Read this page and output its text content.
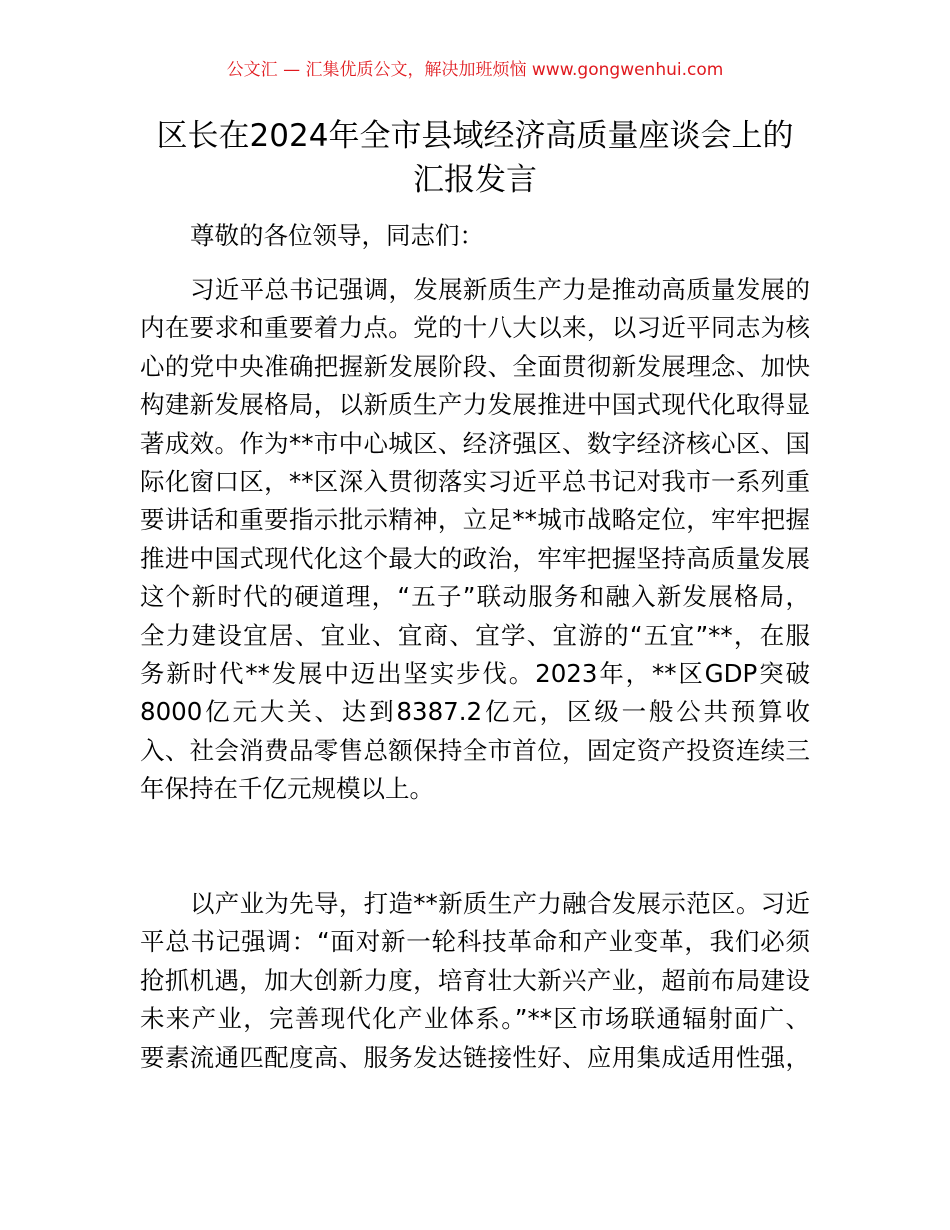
公文汇 — 汇集优质公文，解决加班烦恼 www.gongwenhui.com
区长在2024年全市县域经济高质量座谈会上的
汇报发言
尊敬的各位领导，同志们：
习近平总书记强调，发展新质生产力是推动高质量发展的
内在要求和重要着力点。党的十八大以来，以习近平同志为核
心的党中央准确把握新发展阶段、全面贯彻新发展理念、加快
构建新发展格局，以新质生产力发展推进中国式现代化取得显
著成效。作为**市中心城区、经济强区、数字经济核心区、国
际化窗口区，**区深入贯彻落实习近平总书记对我市一系列重
要讲话和重要指示批示精神，立足**城市战略定位，牢牢把握
推进中国式现代化这个最大的政治，牢牢把握坚持高质量发展
这个新时代的硬道理，“五子”联动服务和融入新发展格局，
全力建设宜居、宜业、宜商、宜学、宜游的“五宜”**，在服
务新时代**发展中迈出坚实步伐。2023年，**区GDP突破
8000亿元大关、达到8387.2亿元，区级一般公共预算收
入、社会消费品零售总额保持全市首位，固定资产投资连续三
年保持在千亿元规模以上。
以产业为先导，打造**新质生产力融合发展示范区。习近
平总书记强调：“面对新一轮科技革命和产业变革，我们必须
抢抓机遇，加大创新力度，培育壮大新兴产业，超前布局建设
未来产业，完善现代化产业体系。”**区市场联通辐射面广、
要素流通匹配度高、服务发达链接性好、应用集成适用性强，
